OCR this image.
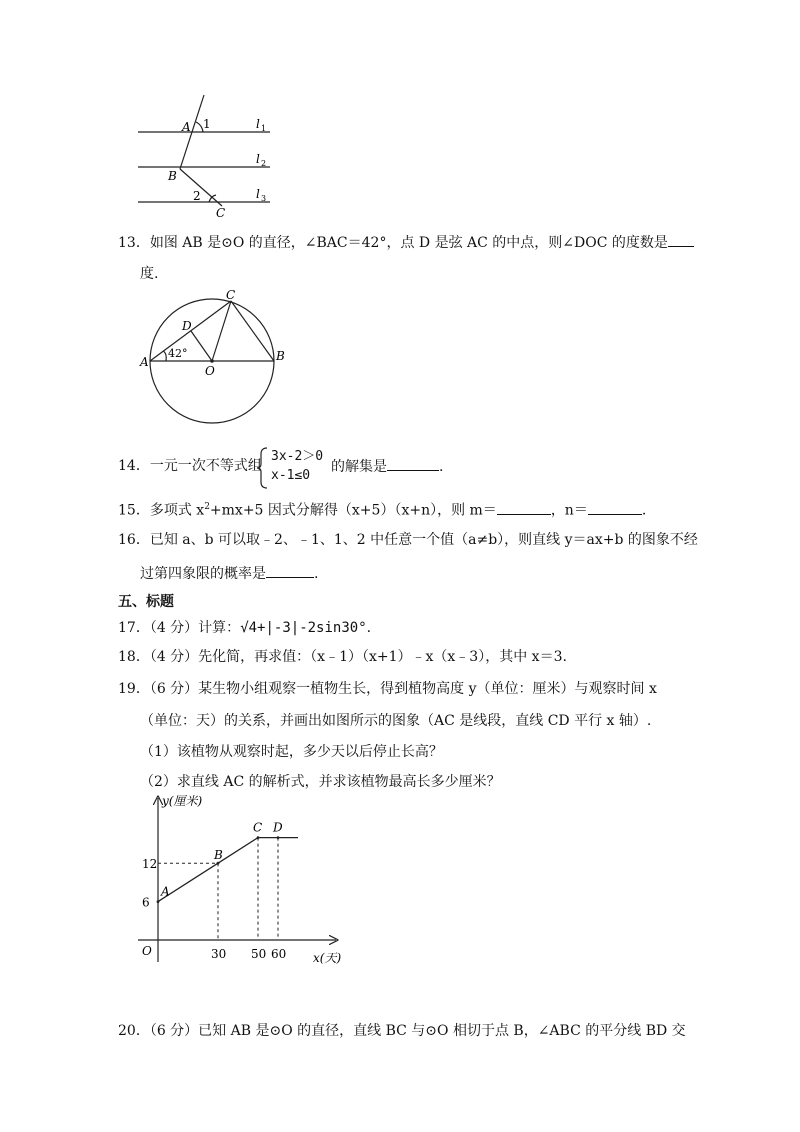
A 1
B
2
C
l 1
l 2
l 3
13．如图 AB 是⊙O 的直径，∠BAC＝42°，点 D 是弦 AC 的中点，则∠DOC 的度数是
度.
A	B
C
D
O
42°
14．一元一次不等式组
3x-2＞0
x-1≤0
的解集是	.
15．多项式 $x^2+mx+5$ 因式分解得（x+5）（x+n），则 m＝	，n＝	.
16．已知 a、b 可以取﹣2、﹣1、1、2 中任意一个值（a≠b），则直线 y＝ax+b 的图象不经
过第四象限的概率是	.
五、标题
17．（4 分）计算：√4+|-3|-2sin30°.
18．（4 分）先化简，再求值：（x﹣1）（x+1）﹣x（x﹣3），其中 x＝3.
19．（6 分）某生物小组观察一植物生长，得到植物高度 y（单位：厘米）与观察时间 x
（单位：天）的关系，并画出如图所示的图象（AC 是线段，直线 CD 平行 x 轴）.
（1）该植物从观察时起，多少天以后停止长高？
（2）求直线 AC 的解析式，并求该植物最高长多少厘米？
y(厘米)
x(天)
O
6
12
30 50 60
A
B
C D
20．（6 分）已知 AB 是⊙O 的直径，直线 BC 与⊙O 相切于点 B，∠ABC 的平分线 BD 交
